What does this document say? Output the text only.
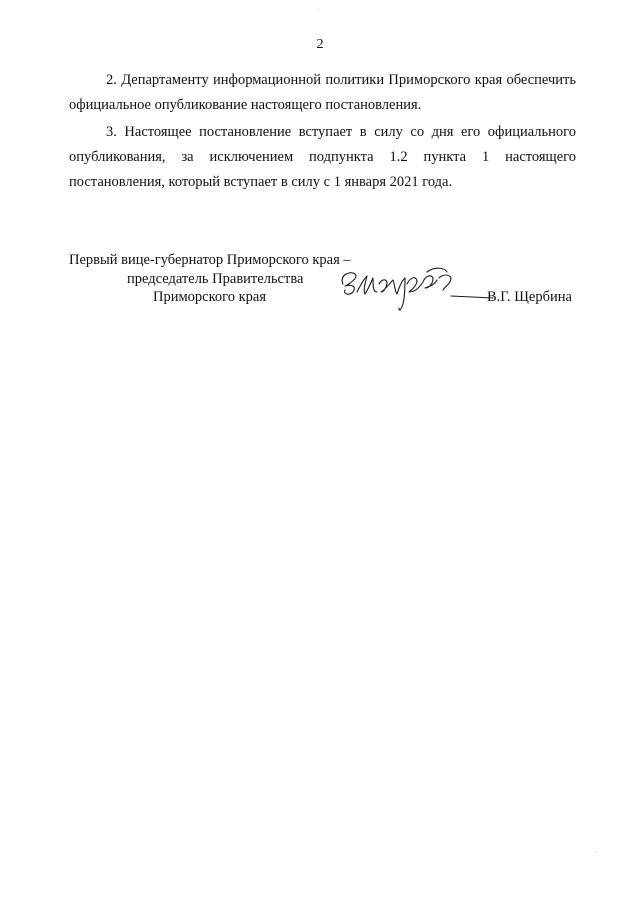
2

2. Департаменту информационной политики Приморского края обеспечить официальное опубликование настоящего постановления.

3. Настоящее постановление вступает в силу со дня его официального опубликования, за исключением подпункта 1.2 пункта 1 настоящего постановления, который вступает в силу с 1 января 2021 года.

Первый вице-губернатор Приморского края –
председатель Правительства
Приморского края	В.Г. Щербина
